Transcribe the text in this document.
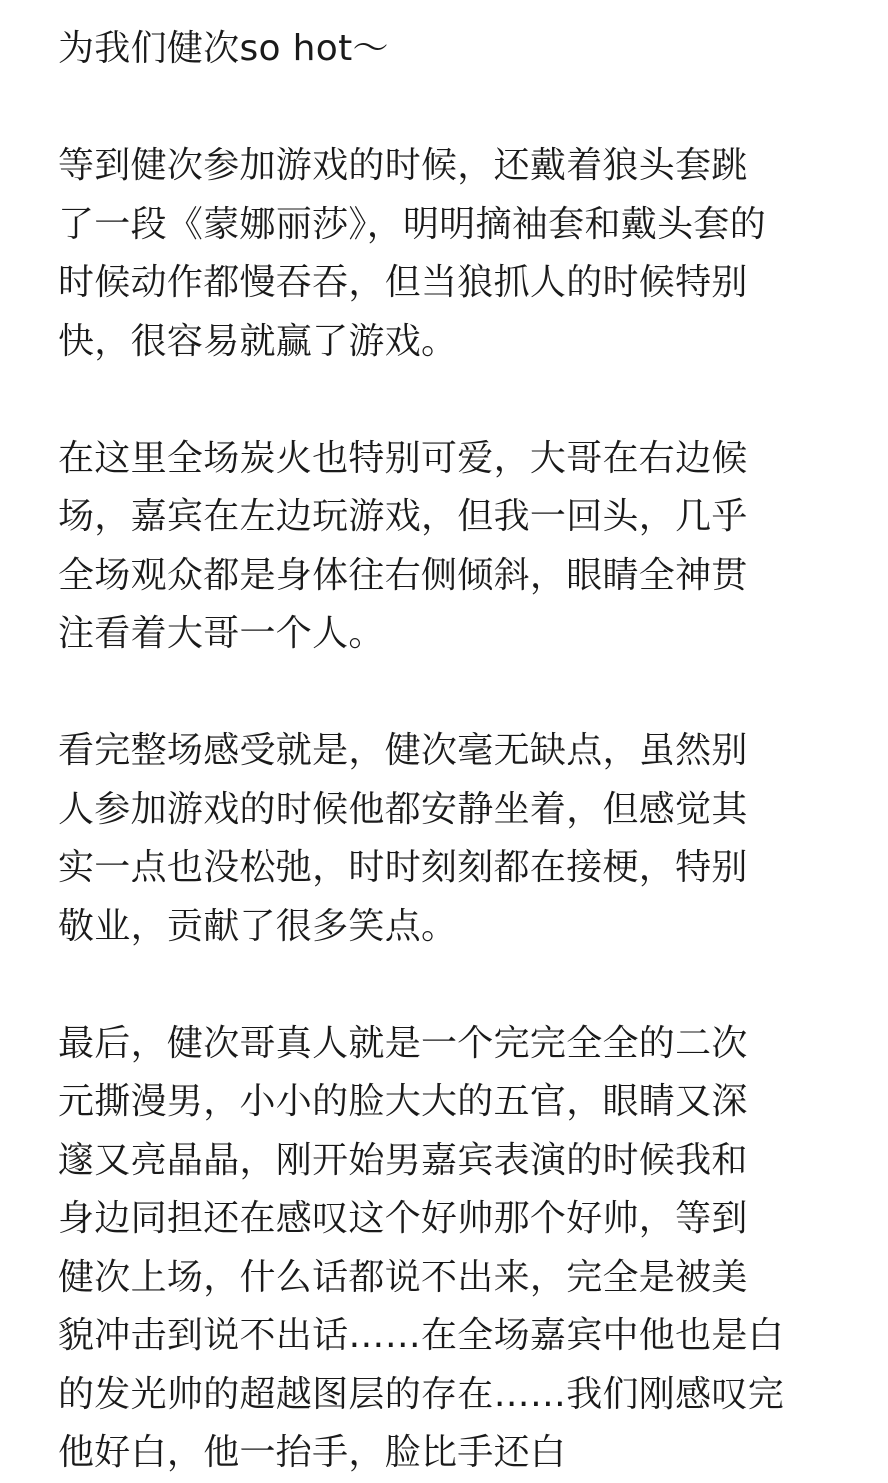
为我们健次so hot～
等到健次参加游戏的时候，还戴着狼头套跳
了一段《蒙娜丽莎》，明明摘袖套和戴头套的
时候动作都慢吞吞，但当狼抓人的时候特别
快，很容易就赢了游戏。
在这里全场炭火也特别可爱，大哥在右边候
场，嘉宾在左边玩游戏，但我一回头，几乎
全场观众都是身体往右侧倾斜，眼睛全神贯
注看着大哥一个人。
看完整场感受就是，健次毫无缺点，虽然别
人参加游戏的时候他都安静坐着，但感觉其
实一点也没松弛，时时刻刻都在接梗，特别
敬业，贡献了很多笑点。
最后，健次哥真人就是一个完完全全的二次
元撕漫男，小小的脸大大的五官，眼睛又深
邃又亮晶晶，刚开始男嘉宾表演的时候我和
身边同担还在感叹这个好帅那个好帅，等到
健次上场，什么话都说不出来，完全是被美
貌冲击到说不出话……在全场嘉宾中他也是白
的发光帅的超越图层的存在……我们刚感叹完
他好白，他一抬手，脸比手还白
